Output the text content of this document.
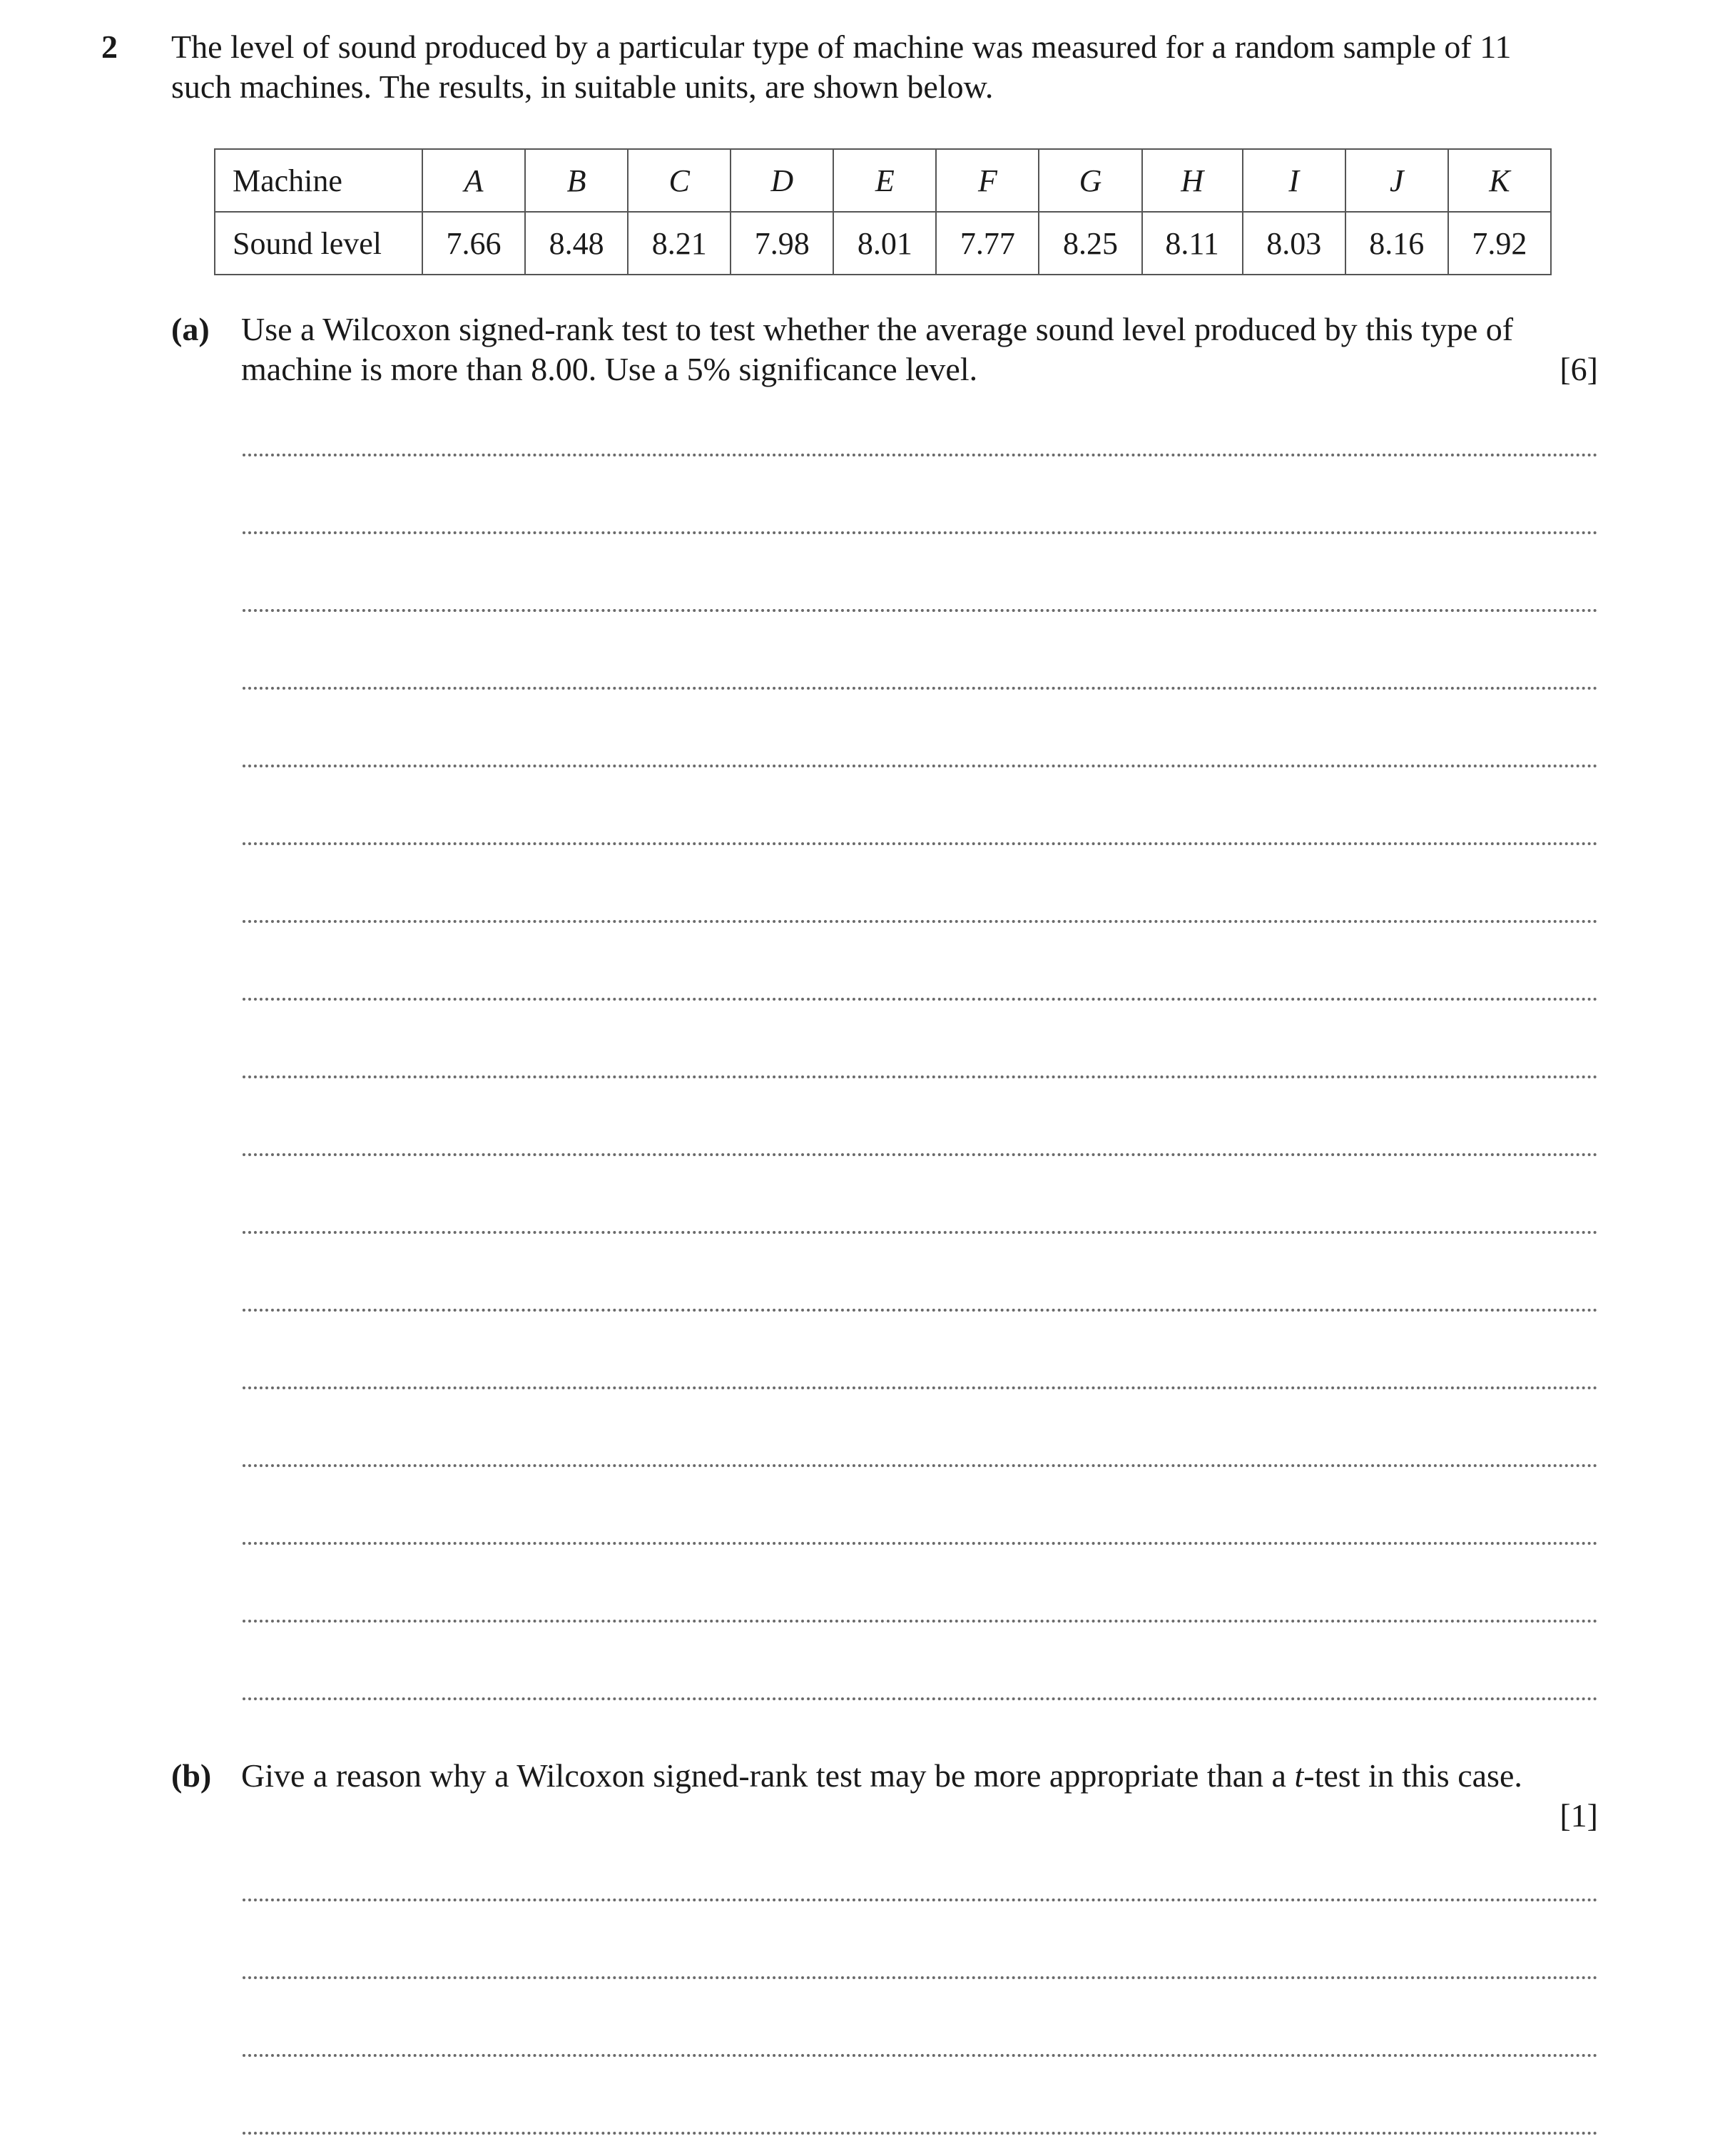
2 The level of sound produced by a particular type of machine was measured for a random sample of 11
such machines. The results, in suitable units, are shown below.
Machine	A	B	C	D	E	F	G	H	I	J	K
Sound level	7.66	8.48	8.21	7.98	8.01	7.77	8.25	8.11	8.03	8.16	7.92
(a) Use a Wilcoxon signed-rank test to test whether the average sound level produced by this type of
machine is more than 8.00. Use a 5% significance level.	[6]
(b) Give a reason why a Wilcoxon signed-rank test may be more appropriate than a t-test in this case.
[1]
